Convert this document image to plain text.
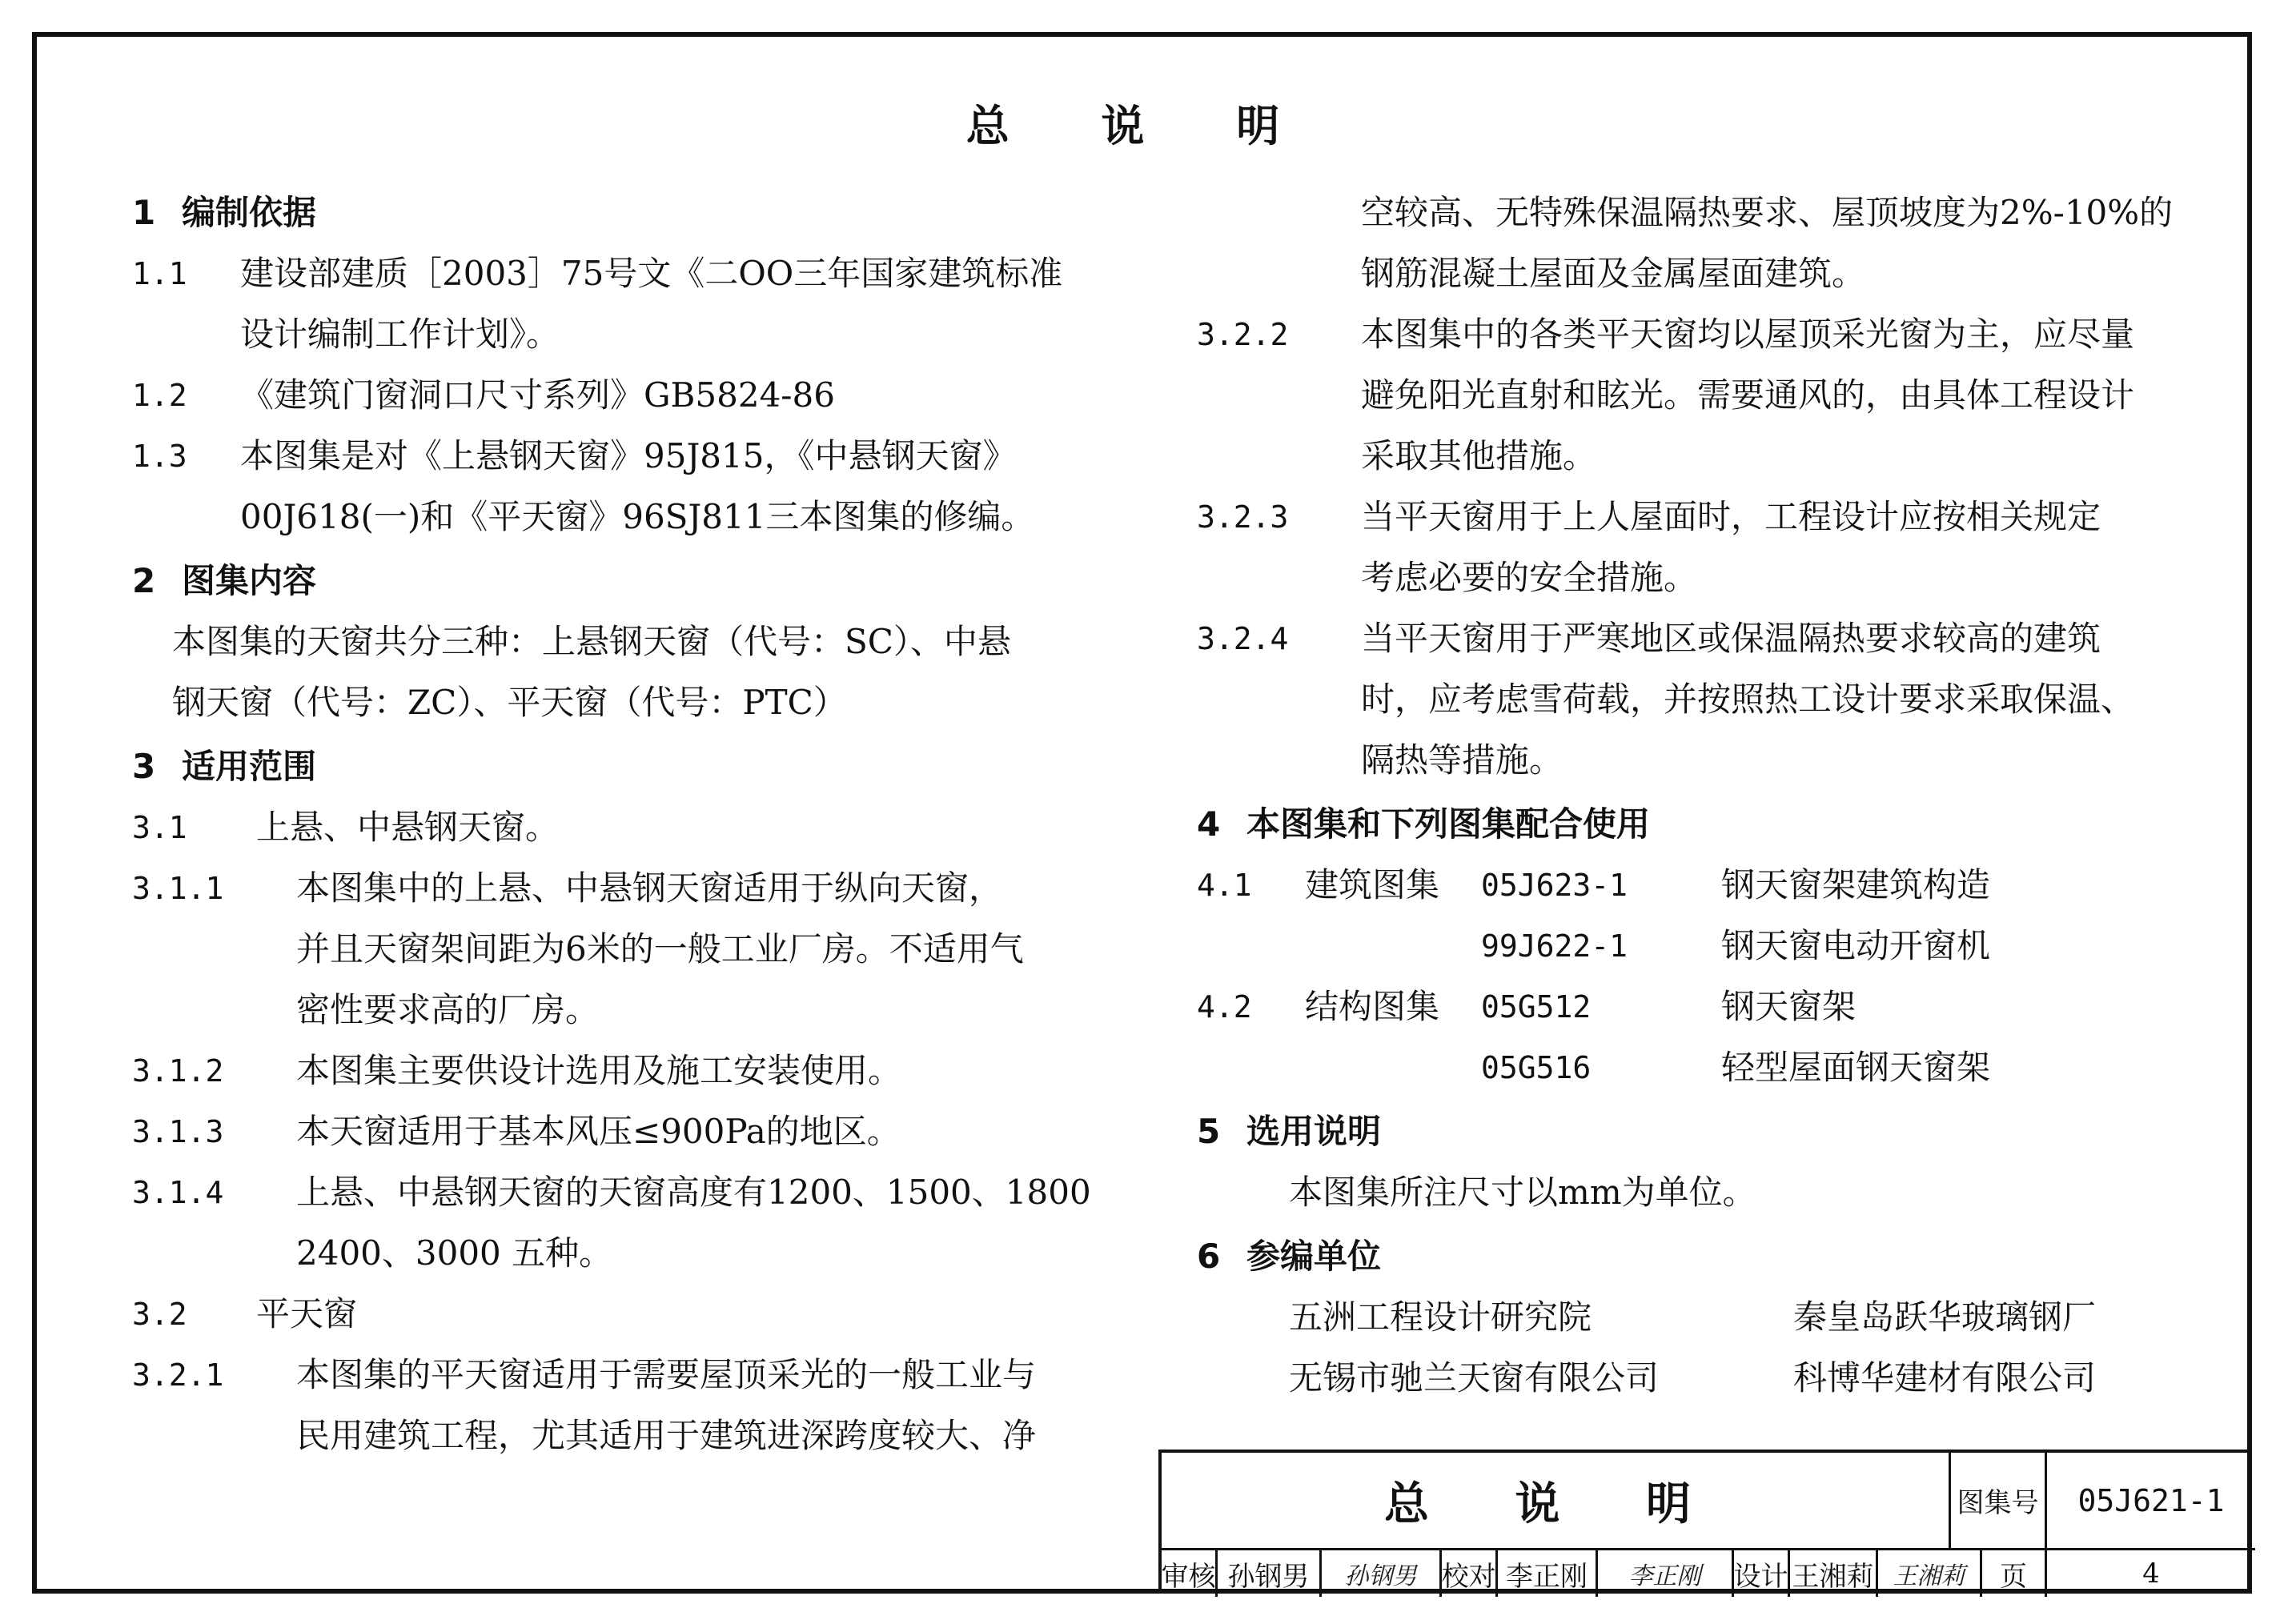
总 说 明
1 编制依据
1.1 建设部建质［2003］75号文《二OO三年国家建筑标准
设计编制工作计划》。
1.2 《建筑门窗洞口尺寸系列》GB5824-86
1.3 本图集是对《上悬钢天窗》95J815，《中悬钢天窗》
00J618(一)和《平天窗》96SJ811三本图集的修编。
2 图集内容
本图集的天窗共分三种：上悬钢天窗（代号：SC）、中悬
钢天窗（代号：ZC）、平天窗（代号：PTC）
3 适用范围
3.1 上悬、中悬钢天窗。
3.1.1 本图集中的上悬、中悬钢天窗适用于纵向天窗，
并且天窗架间距为6米的一般工业厂房。不适用气
密性要求高的厂房。
3.1.2 本图集主要供设计选用及施工安装使用。
3.1.3 本天窗适用于基本风压≤900Pa的地区。
3.1.4 上悬、中悬钢天窗的天窗高度有1200、1500、1800
2400、3000 五种。
3.2 平天窗
3.2.1 本图集的平天窗适用于需要屋顶采光的一般工业与
民用建筑工程，尤其适用于建筑进深跨度较大、净
空较高、无特殊保温隔热要求、屋顶坡度为2%-10%的
钢筋混凝土屋面及金属屋面建筑。
3.2.2 本图集中的各类平天窗均以屋顶采光窗为主，应尽量
避免阳光直射和眩光。需要通风的，由具体工程设计
采取其他措施。
3.2.3 当平天窗用于上人屋面时，工程设计应按相关规定
考虑必要的安全措施。
3.2.4 当平天窗用于严寒地区或保温隔热要求较高的建筑
时，应考虑雪荷载，并按照热工设计要求采取保温、
隔热等措施。
4 本图集和下列图集配合使用
4.1 建筑图集 05J623-1	钢天窗架建筑构造
99J622-1	钢天窗电动开窗机
4.2 结构图集 05G512	钢天窗架
05G516	轻型屋面钢天窗架
5 选用说明
本图集所注尺寸以mm为单位。
6 参编单位
五洲工程设计研究院	秦皇岛跃华玻璃钢厂
无锡市驰兰天窗有限公司	科博华建材有限公司
总 说 明	图集号	05J621-1
审核 孙钢男	孙钢男 校对 李正刚	李正刚 设计 王湘莉 王湘莉	页	4
